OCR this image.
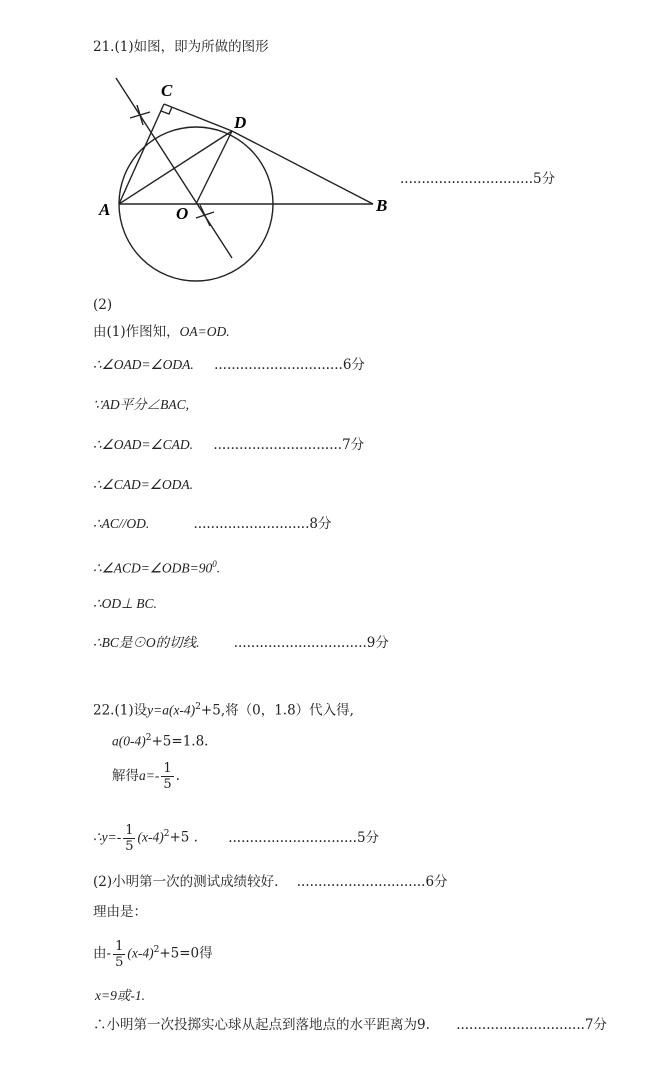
C
D
A	O	B
21.(1)如图，即为所做的图形
...............................5分
(2)
由(1)作图知，OA=OD.
∴∠OAD=∠ODA. ..............................6分
∵AD平分∠BAC,
∴∠OAD=∠CAD. ..............................7分
∴∠CAD=∠ODA.
∴AC//OD.	...........................8分
$\therefore\angle ACD=\angle ODB=90^0$.
∴OD⊥ BC.
∴BC是⊙O的切线.	...............................9分
22.(1)设$y=a(x-4)^2+5$,将（0，1.8）代入得,
$a(0-4)^2+5=1.8$.
解得$a=- \frac{1}{5}$ .
∴y=- $\frac{1}{5} (x-4)^2+5$ . ..............................5分
(2)小明第一次的测试成绩较好. ..............................6分
理由是：
由- $\frac{1}{5} (x-4)^2+5=0$得
x=9或-1.
∴小明第一次投掷实心球从起点到落地点的水平距离为9. ..............................7分
